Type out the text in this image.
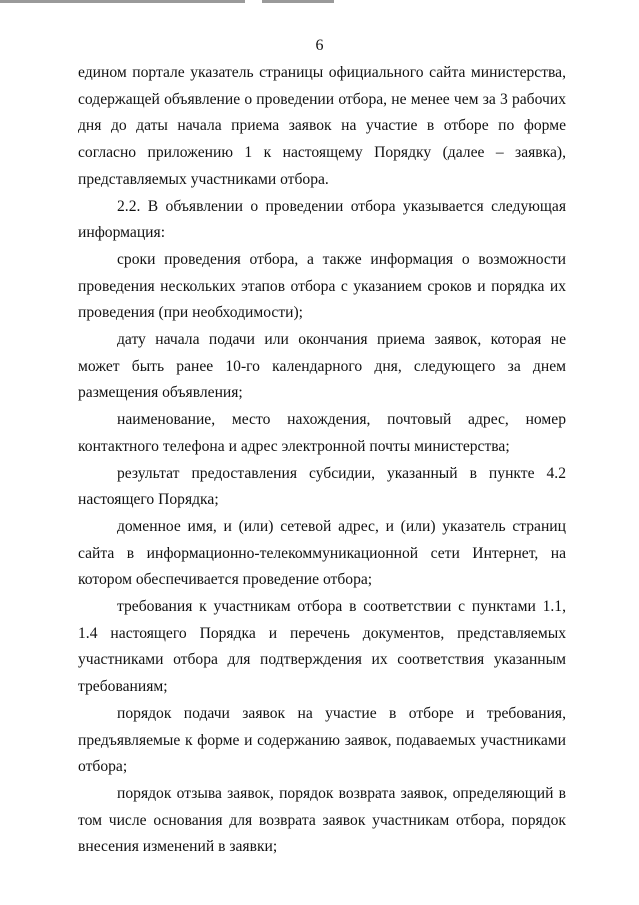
6

едином портале указатель страницы официального сайта министерства, содержащей объявление о проведении отбора, не менее чем за 3 рабочих дня до даты начала приема заявок на участие в отборе по форме согласно приложению 1 к настоящему Порядку (далее – заявка), представляемых участниками отбора.

2.2. В объявлении о проведении отбора указывается следующая информация:

сроки проведения отбора, а также информация о возможности проведения нескольких этапов отбора с указанием сроков и порядка их проведения (при необходимости);

дату начала подачи или окончания приема заявок, которая не может быть ранее 10-го календарного дня, следующего за днем размещения объявления;

наименование, место нахождения, почтовый адрес, номер контактного телефона и адрес электронной почты министерства;

результат предоставления субсидии, указанный в пункте 4.2 настоящего Порядка;

доменное имя, и (или) сетевой адрес, и (или) указатель страниц сайта в информационно-телекоммуникационной сети Интернет, на котором обеспечивается проведение отбора;

требования к участникам отбора в соответствии с пунктами 1.1, 1.4 настоящего Порядка и перечень документов, представляемых участниками отбора для подтверждения их соответствия указанным требованиям;

порядок подачи заявок на участие в отборе и требования, предъявляемые к форме и содержанию заявок, подаваемых участниками отбора;

порядок отзыва заявок, порядок возврата заявок, определяющий в том числе основания для возврата заявок участникам отбора, порядок внесения изменений в заявки;
